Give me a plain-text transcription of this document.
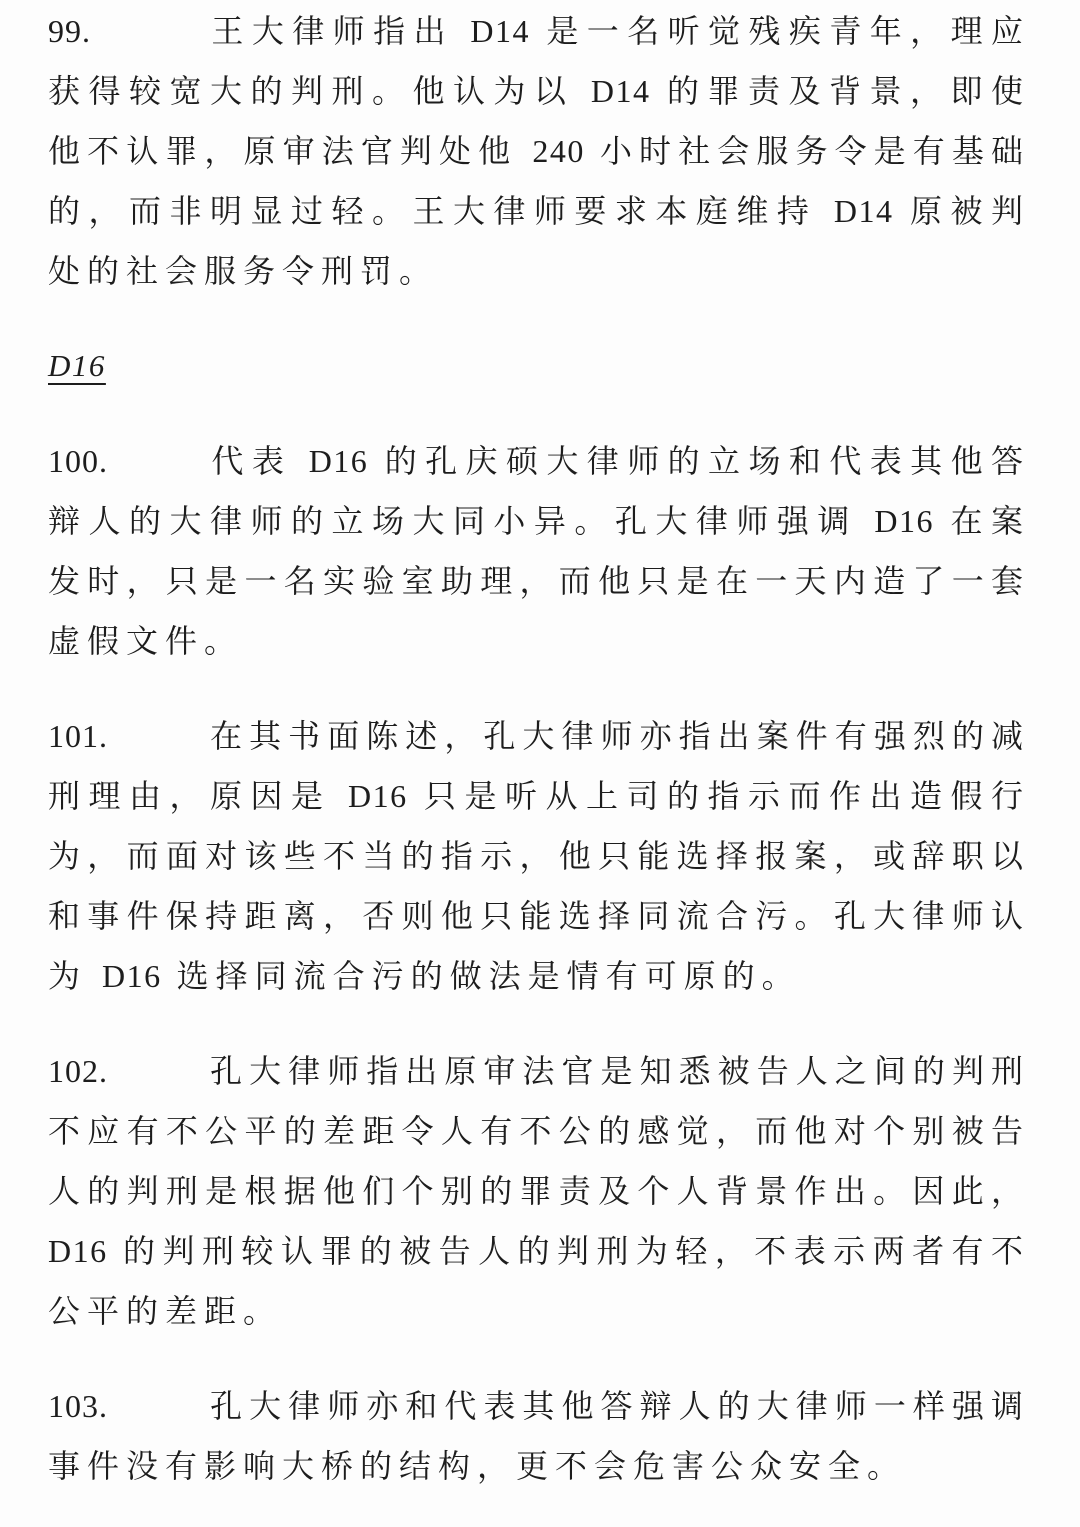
99.	王大律师指出 D14 是一名听觉残疾青年，理应获得较宽大的判刑。他认为以 D14 的罪责及背景，即使他不认罪，原审法官判处他 240 小时社会服务令是有基础的，而非明显过轻。王大律师要求本庭维持 D14 原被判处的社会服务令刑罚。

D16

100.	代表 D16 的孔庆硕大律师的立场和代表其他答辩人的大律师的立场大同小异。孔大律师强调 D16 在案发时，只是一名实验室助理，而他只是在一天内造了一套虚假文件。

101.	在其书面陈述，孔大律师亦指出案件有强烈的减刑理由，原因是 D16 只是听从上司的指示而作出造假行为，而面对该些不当的指示，他只能选择报案，或辞职以和事件保持距离，否则他只能选择同流合污。孔大律师认为 D16 选择同流合污的做法是情有可原的。

102.	孔大律师指出原审法官是知悉被告人之间的判刑不应有不公平的差距令人有不公的感觉，而他对个别被告人的判刑是根据他们个别的罪责及个人背景作出。因此，D16 的判刑较认罪的被告人的判刑为轻，不表示两者有不公平的差距。

103.	孔大律师亦和代表其他答辩人的大律师一样强调事件没有影响大桥的结构，更不会危害公众安全。
